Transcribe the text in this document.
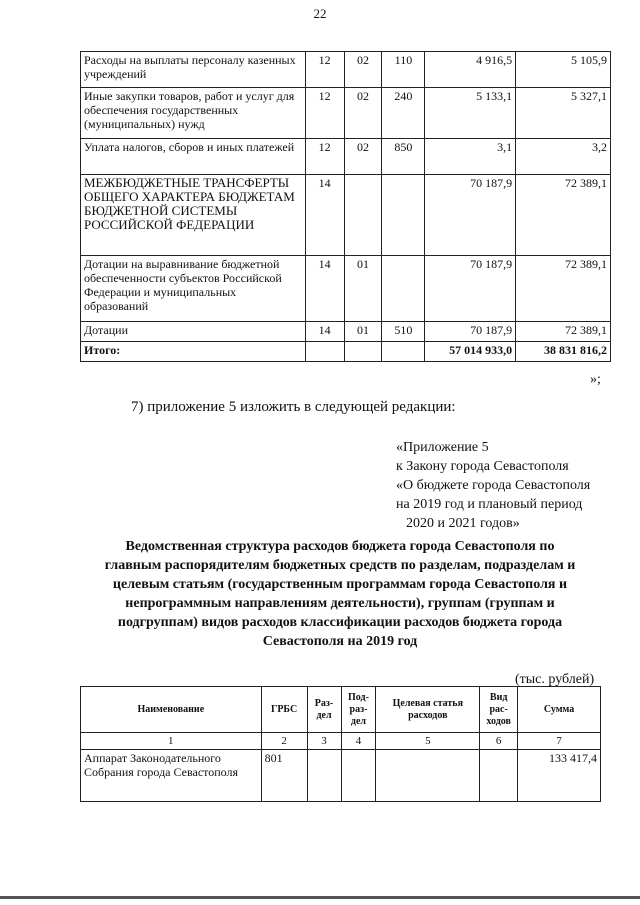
22
Расходы на выплаты персоналу казенных учреждений	12	02	110	4 916,5	5 105,9
Иные закупки товаров, работ и услуг для обеспечения государственных (муниципальных) нужд	12	02	240	5 133,1	5 327,1
Уплата налогов, сборов и иных платежей	12	02	850	3,1	3,2
МЕЖБЮДЖЕТНЫЕ ТРАНСФЕРТЫ ОБЩЕГО ХАРАКТЕРА БЮДЖЕТАМ БЮДЖЕТНОЙ СИСТЕМЫ РОССИЙСКОЙ ФЕДЕРАЦИИ	14			70 187,9	72 389,1
Дотации на выравнивание бюджетной обеспеченности субъектов Российской Федерации и муниципальных образований	14	01		70 187,9	72 389,1
Дотации	14	01	510	70 187,9	72 389,1
Итого:				57 014 933,0	38 831 816,2
»;
7) приложение 5 изложить в следующей редакции:
«Приложение 5
к Закону города Севастополя
«О бюджете города Севастополя
на 2019 год и плановый период
2020 и 2021 годов»
Ведомственная структура расходов бюджета города Севастополя по
главным распорядителям бюджетных средств по разделам, подразделам и
целевым статьям (государственным программам города Севастополя и
непрограммным направлениям деятельности), группам (группам и
подгруппам) видов расходов классификации расходов бюджета города
Севастополя на 2019 год
(тыс. рублей)
Наименование	ГРБС	Раз-дел	Под-раз-дел	Целевая статья расходов	Вид рас-ходов	Сумма
1	2	3	4	5	6	7
Аппарат Законодательного Собрания города Севастополя	801					133 417,4
